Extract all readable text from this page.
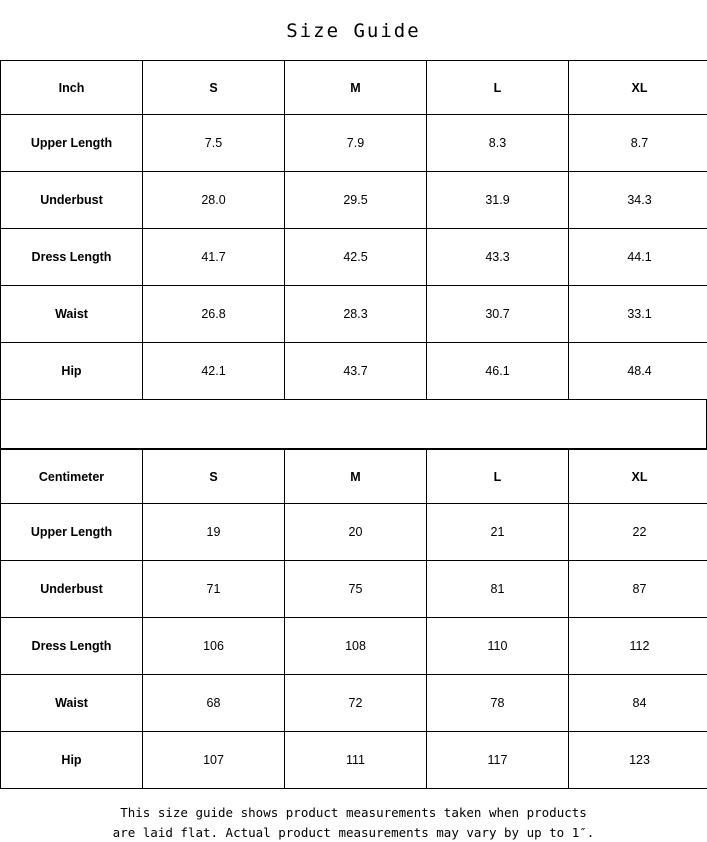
Size Guide
Inch	S	M	L	XL
Upper Length	7.5	7.9	8.3	8.7
Underbust	28.0	29.5	31.9	34.3
Dress Length	41.7	42.5	43.3	44.1
Waist	26.8	28.3	30.7	33.1
Hip	42.1	43.7	46.1	48.4
Centimeter	S	M	L	XL
Upper Length	19	20	21	22
Underbust	71	75	81	87
Dress Length	106	108	110	112
Waist	68	72	78	84
Hip	107	111	117	123
This size guide shows product measurements taken when products
are laid flat. Actual product measurements may vary by up to 1″.
